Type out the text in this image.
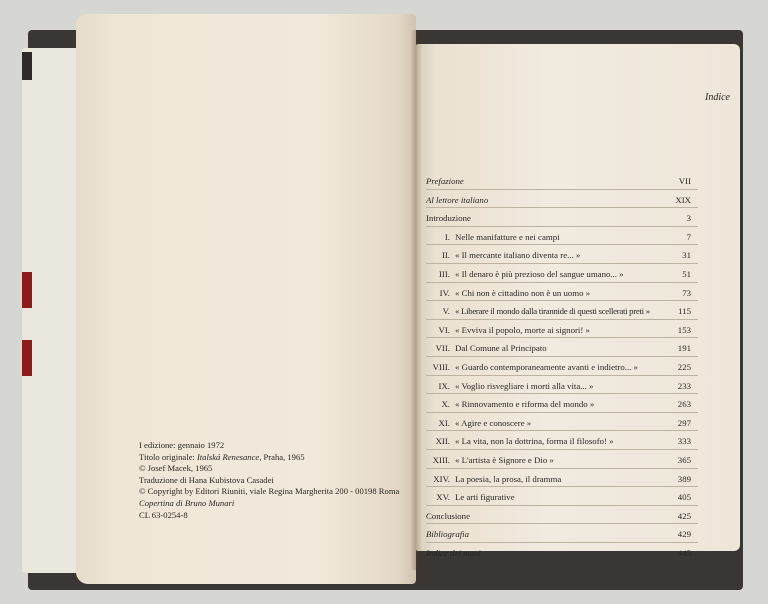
Indice
I edizione: gennaio 1972
Titolo originale: Italská Renesance, Praha, 1965
© Josef Macek, 1965
Traduzione di Hana Kubistova Casadei
© Copyright by Editori Riuniti, viale Regina Margherita 200 - 00198 Roma
Copertina di Bruno Munari
CL 63-0254-8
Prefazione	VII
Al lettore italiano	XIX
Introduzione	3
I. Nelle manifatture e nei campi	7
II. « Il mercante italiano diventa re... »	31
III. « Il denaro è più prezioso del sangue umano... »	51
IV. « Chi non è cittadino non è un uomo »	73
V. « Liberare il mondo dalla tirannide di questi scellerati preti »	115
VI. « Evviva il popolo, morte ai signori! »	153
VII. Dal Comune al Principato	191
VIII. « Guardo contemporaneamente avanti e indietro... »	225
IX. « Voglio risvegliare i morti alla vita... »	233
X. « Rinnovamento e riforma del mondo »	263
XI. « Agire e conoscere »	297
XII. « La vita, non la dottrina, forma il filosofo! »	333
XIII. « L'artista è Signore e Dio »	365
XIV. La poesia, la prosa, il dramma	389
XV. Le arti figurative	405
Conclusione	425
Bibliografia	429
Indice dei nomi	445
